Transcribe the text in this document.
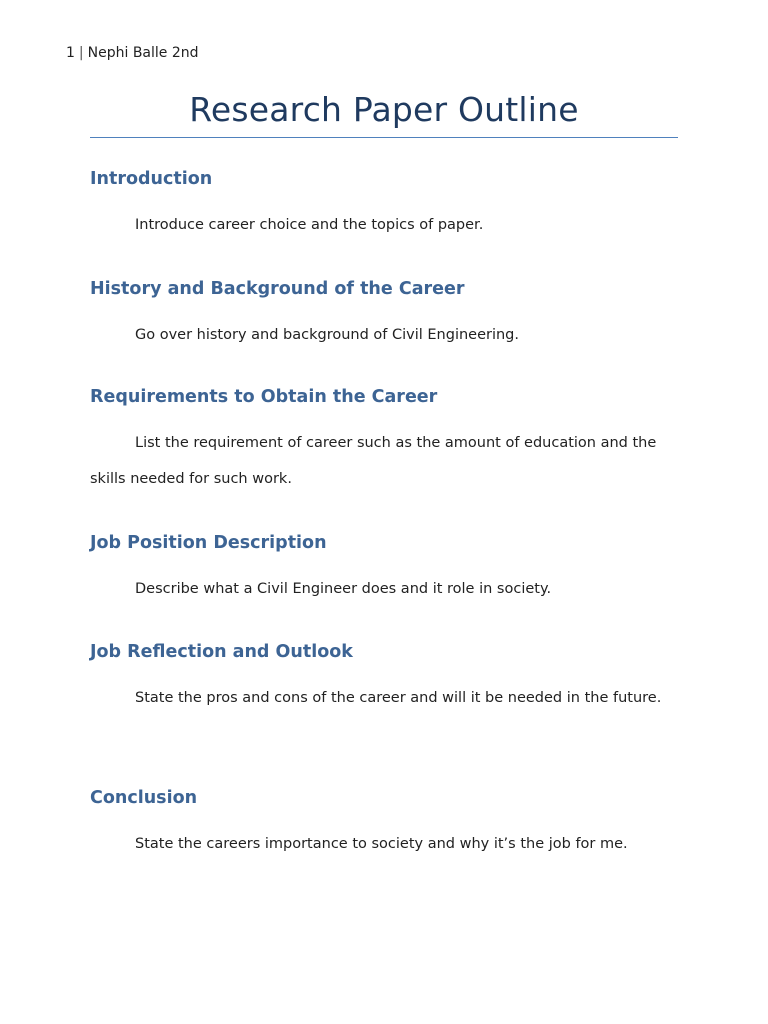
1 | Nephi Balle 2nd
Research Paper Outline
Introduction
Introduce career choice and the topics of paper.
History and Background of the Career
Go over history and background of Civil Engineering.
Requirements to Obtain the Career
List the requirement of career such as the amount of education and the skills needed for such work.
Job Position Description
Describe what a Civil Engineer does and it role in society.
Job Reflection and Outlook
State the pros and cons of the career and will it be needed in the future.
Conclusion
State the careers importance to society and why it’s the job for me.
